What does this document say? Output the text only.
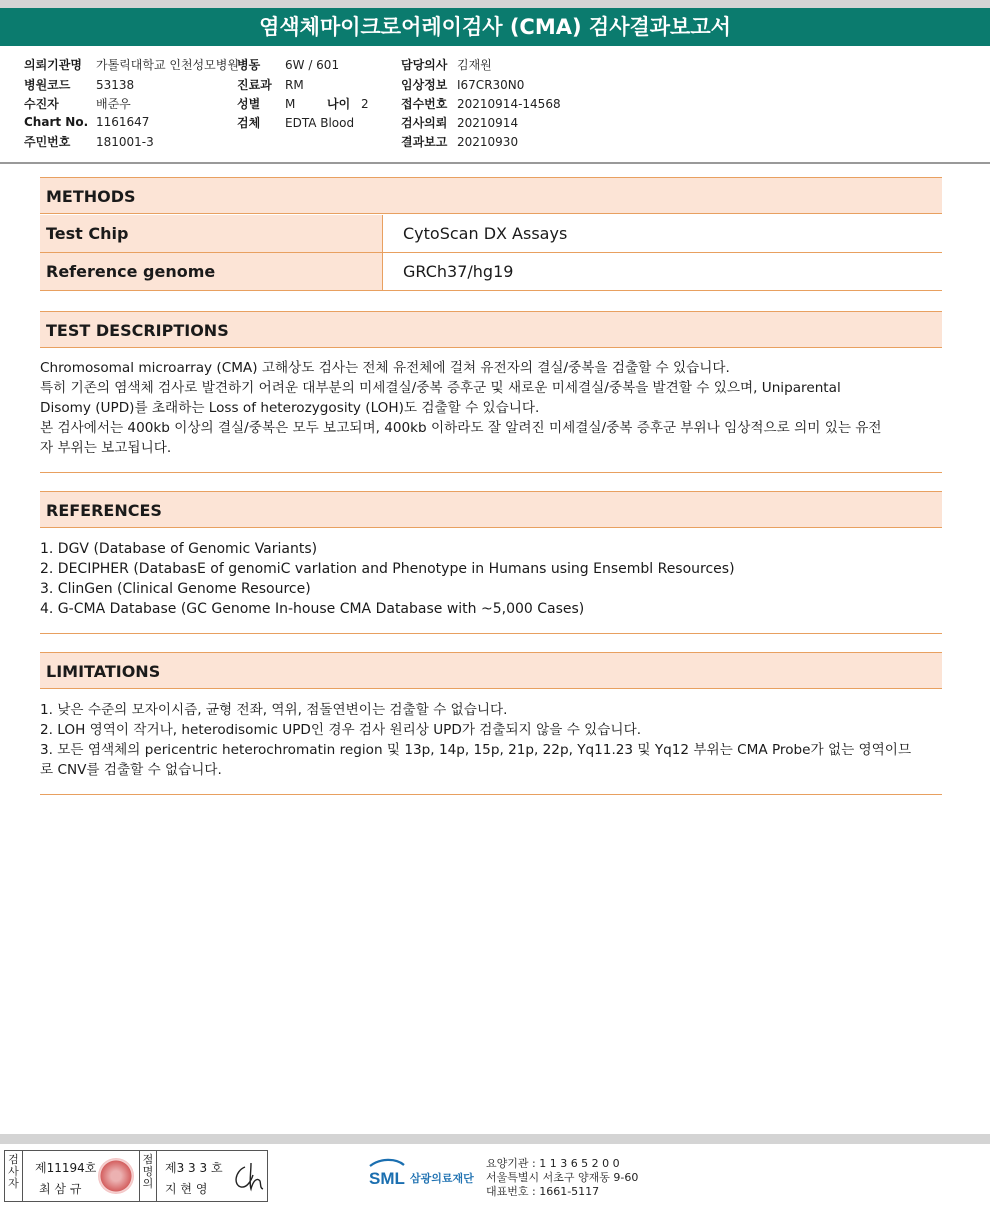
염색체마이크로어레이검사 (CMA) 검사결과보고서
의뢰기관명 가톨릭대학교 인천성모병원
병원코드 53138
수진자	배준우
Chart No. 1161647
주민번호 181001-3
병동 6W / 601
진료과 RM
성별 M	나이 2
검체 EDTA Blood
담당의사 김재원
임상정보 I67CR30N0
접수번호 20210914-14568
검사의뢰 20210914
결과보고 20210930
METHODS
Test Chip	CytoScan DX Assays
Reference genome	GRCh37/hg19
TEST DESCRIPTIONS
Chromosomal microarray (CMA) 고해상도 검사는 전체 유전체에 걸쳐 유전자의 결실/중복을 검출할 수 있습니다.
특히 기존의 염색체 검사로 발견하기 어려운 대부분의 미세결실/중복 증후군 및 새로운 미세결실/중복을 발견할 수 있으며, Uniparental
Disomy (UPD)를 초래하는 Loss of heterozygosity (LOH)도 검출할 수 있습니다.
본 검사에서는 400kb 이상의 결실/중복은 모두 보고되며, 400kb 이하라도 잘 알려진 미세결실/중복 증후군 부위나 임상적으로 의미 있는 유전
자 부위는 보고됩니다.
REFERENCES
1. DGV (Database of Genomic Variants)
2. DECIPHER (DatabasE of genomiC varIation and Phenotype in Humans using Ensembl Resources)
3. ClinGen (Clinical Genome Resource)
4. G-CMA Database (GC Genome In-house CMA Database with ~5,000 Cases)
LIMITATIONS
1. 낮은 수준의 모자이시즘, 균형 전좌, 역위, 점돌연변이는 검출할 수 없습니다.
2. LOH 영역이 작거나, heterodisomic UPD인 경우 검사 원리상 UPD가 검출되지 않을 수 있습니다.
3. 모든 염색체의 pericentric heterochromatin region 및 13p, 14p, 15p, 21p, 22p, Yq11.23 및 Yq12 부위는 CMA Probe가 없는 영역이므
로 CNV를 검출할 수 없습니다.
검사자
제11194호
최 삼 규
점명의
제3 3 3 호
지 현 영
SML 삼광의료재단
요양기관 : 1 1 3 6 5 2 0 0
서울특별시 서초구 양재동 9-60
대표번호 : 1661-5117
